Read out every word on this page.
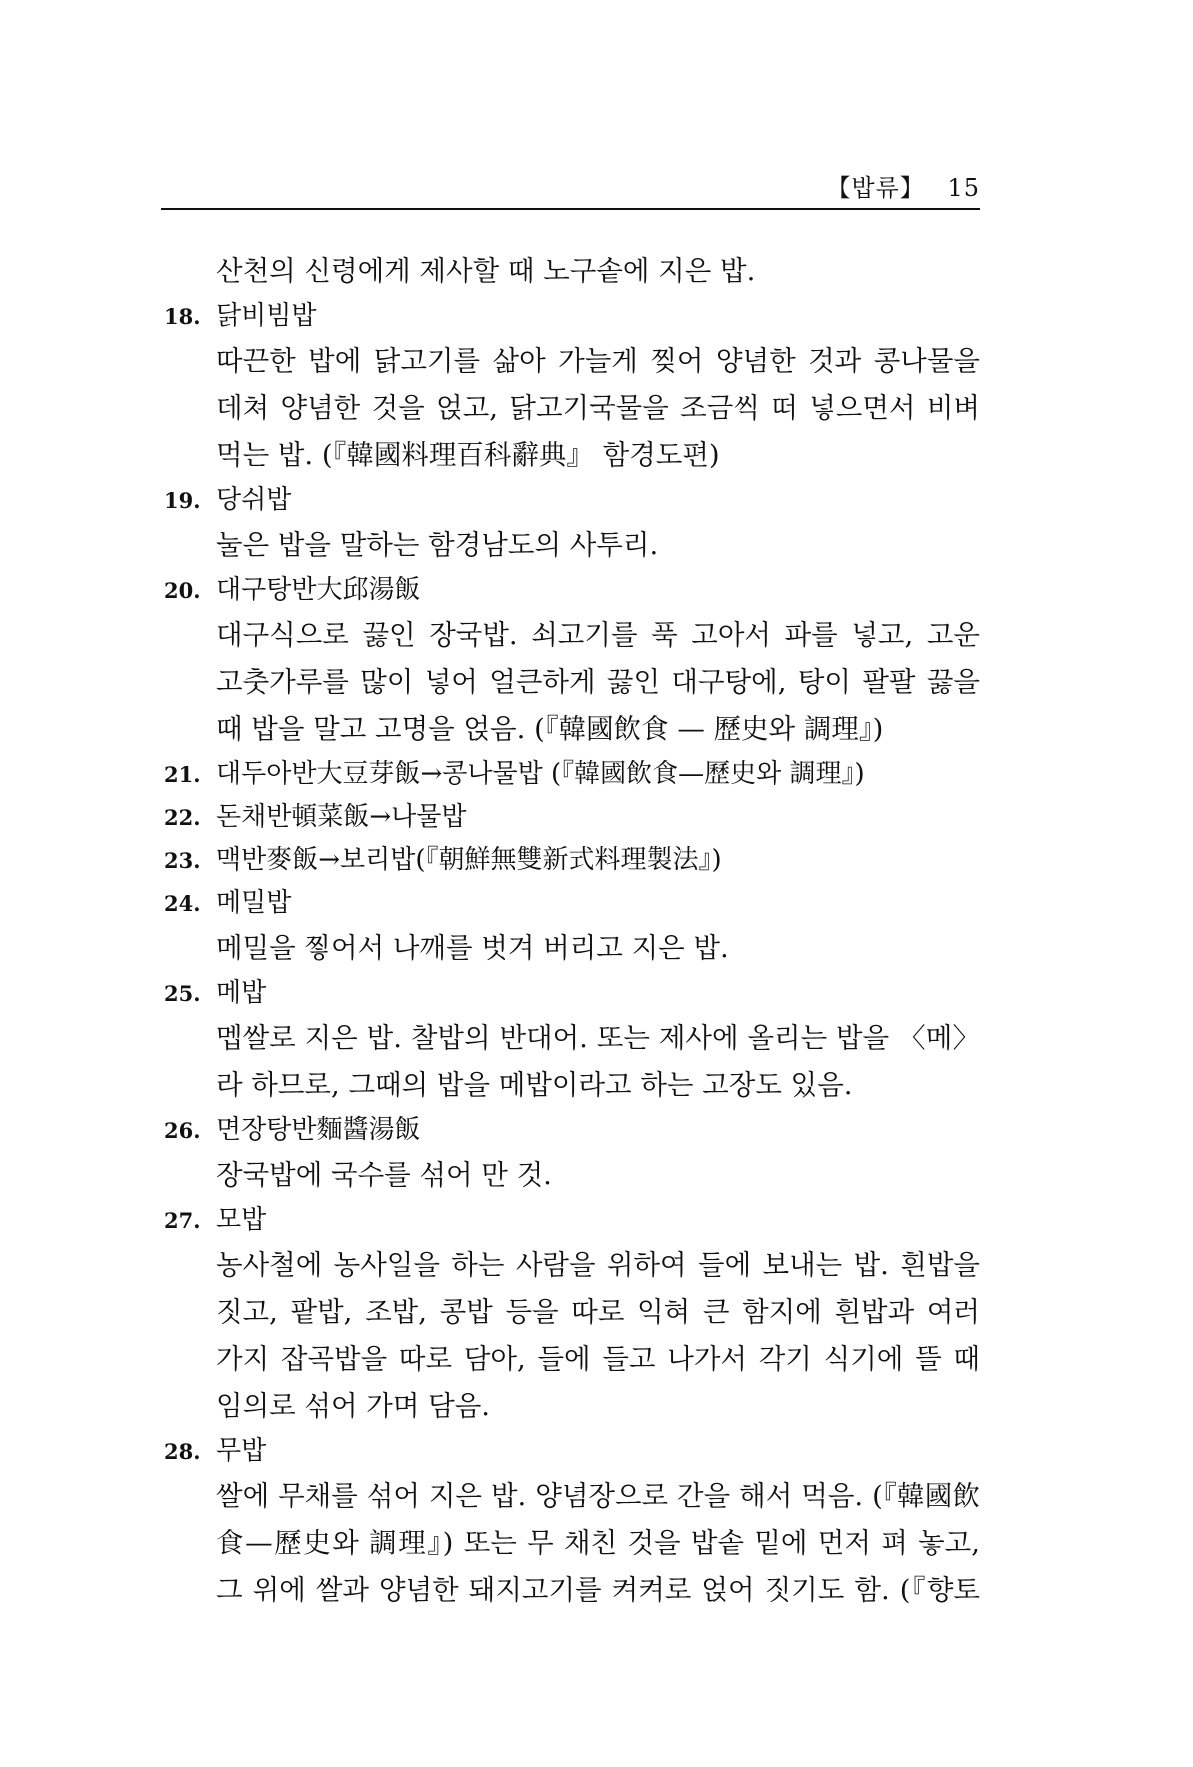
【밥류】 15
산천의 신령에게 제사할 때 노구솥에 지은 밥.
18. 닭비빔밥
따끈한 밥에 닭고기를 삶아 가늘게 찢어 양념한 것과 콩나물을
데쳐 양념한 것을 얹고, 닭고기국물을 조금씩 떠 넣으면서 비벼
먹는 밥. (『韓國料理百科辭典』 함경도편)
19. 당쉬밥
눌은 밥을 말하는 함경남도의 사투리.
20. 대구탕반大邱湯飯
대구식으로 끓인 장국밥. 쇠고기를 푹 고아서 파를 넣고, 고운
고춧가루를 많이 넣어 얼큰하게 끓인 대구탕에, 탕이 팔팔 끓을
때 밥을 말고 고명을 얹음. (『韓國飲食 — 歷史와 調理』)
21. 대두아반大豆芽飯→콩나물밥 (『韓國飲食—歷史와 調理』)
22. 돈채반頓菜飯→나물밥
23. 맥반麥飯→보리밥(『朝鮮無雙新式料理製法』)
24. 메밀밥
메밀을 찧어서 나깨를 벗겨 버리고 지은 밥.
25. 메밥
멥쌀로 지은 밥. 찰밥의 반대어. 또는 제사에 올리는 밥을 〈메〉
라 하므로, 그때의 밥을 메밥이라고 하는 고장도 있음.
26. 면장탕반麵醬湯飯
장국밥에 국수를 섞어 만 것.
27. 모밥
농사철에 농사일을 하는 사람을 위하여 들에 보내는 밥. 흰밥을
짓고, 팥밥, 조밥, 콩밥 등을 따로 익혀 큰 함지에 흰밥과 여러
가지 잡곡밥을 따로 담아, 들에 들고 나가서 각기 식기에 뜰 때
임의로 섞어 가며 담음.
28. 무밥
쌀에 무채를 섞어 지은 밥. 양념장으로 간을 해서 먹음. (『韓國飲
食—歷史와 調理』) 또는 무 채친 것을 밥솥 밑에 먼저 펴 놓고,
그 위에 쌀과 양념한 돼지고기를 켜켜로 얹어 짓기도 함. (『향토
